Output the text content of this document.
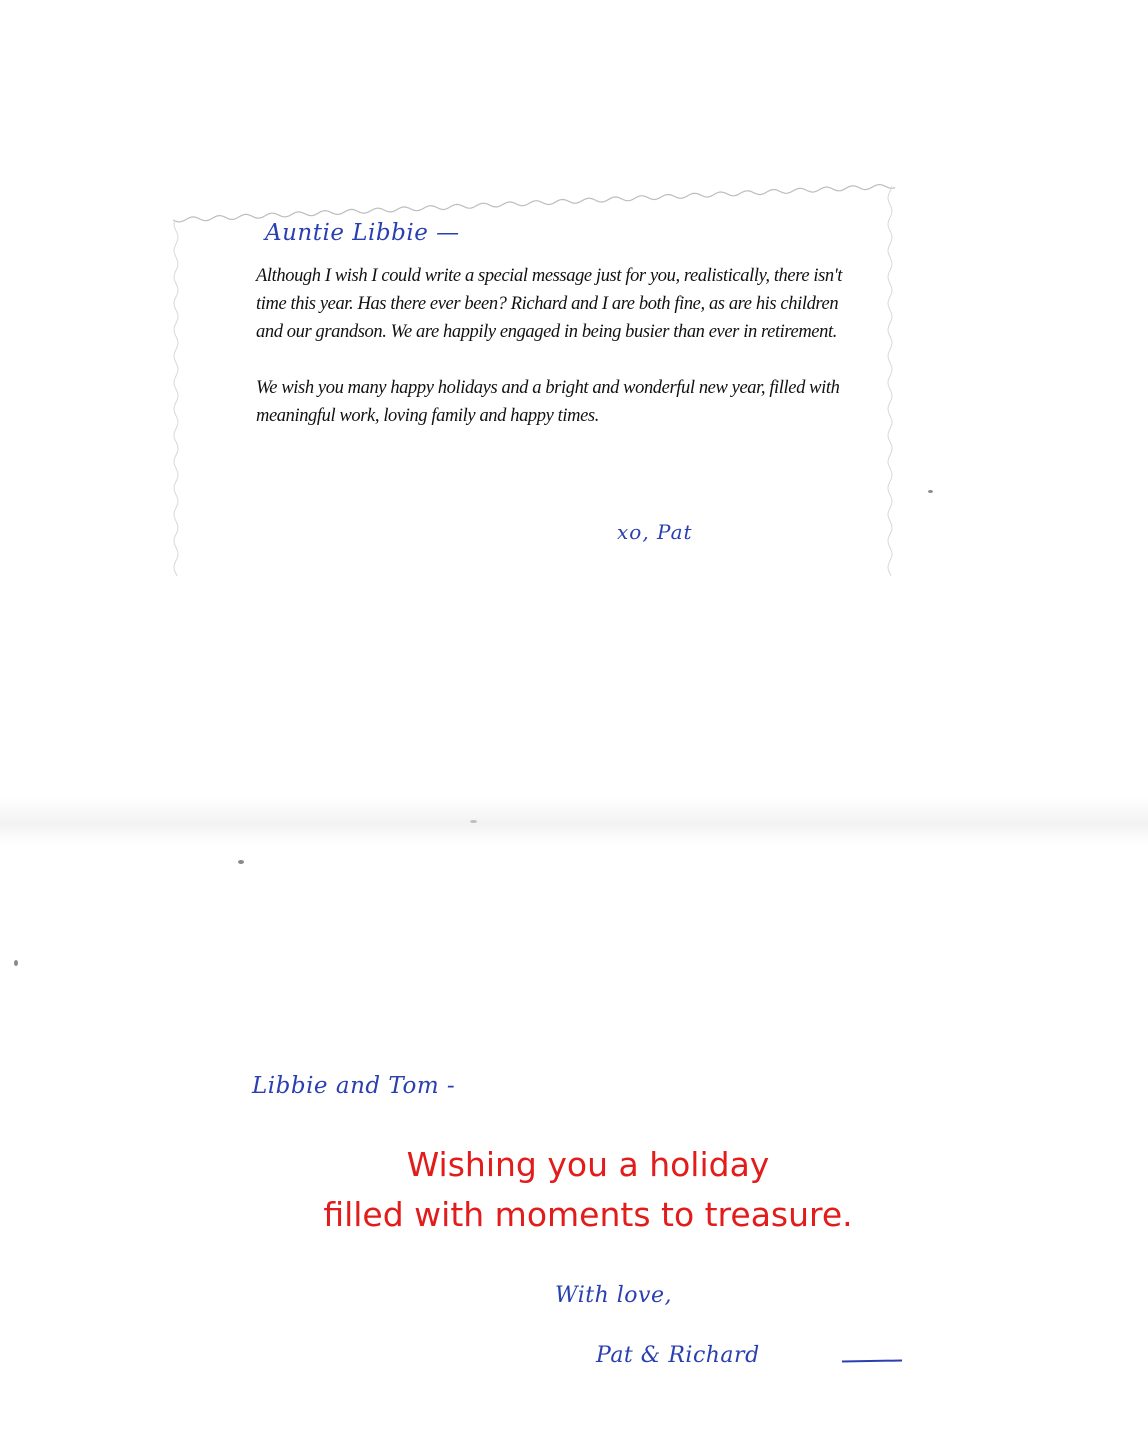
Auntie Libbie —

Although I wish I could write a special message just for you, realistically, there isn't time this year. Has there ever been? Richard and I are both fine, as are his children and our grandson. We are happily engaged in being busier than ever in retirement.

We wish you many happy holidays and a bright and wonderful new year, filled with meaningful work, loving family and happy times.

xo, Pat
Libbie and Tom -
Wishing you a holiday
filled with moments to treasure.
With love,
Pat & Richard
